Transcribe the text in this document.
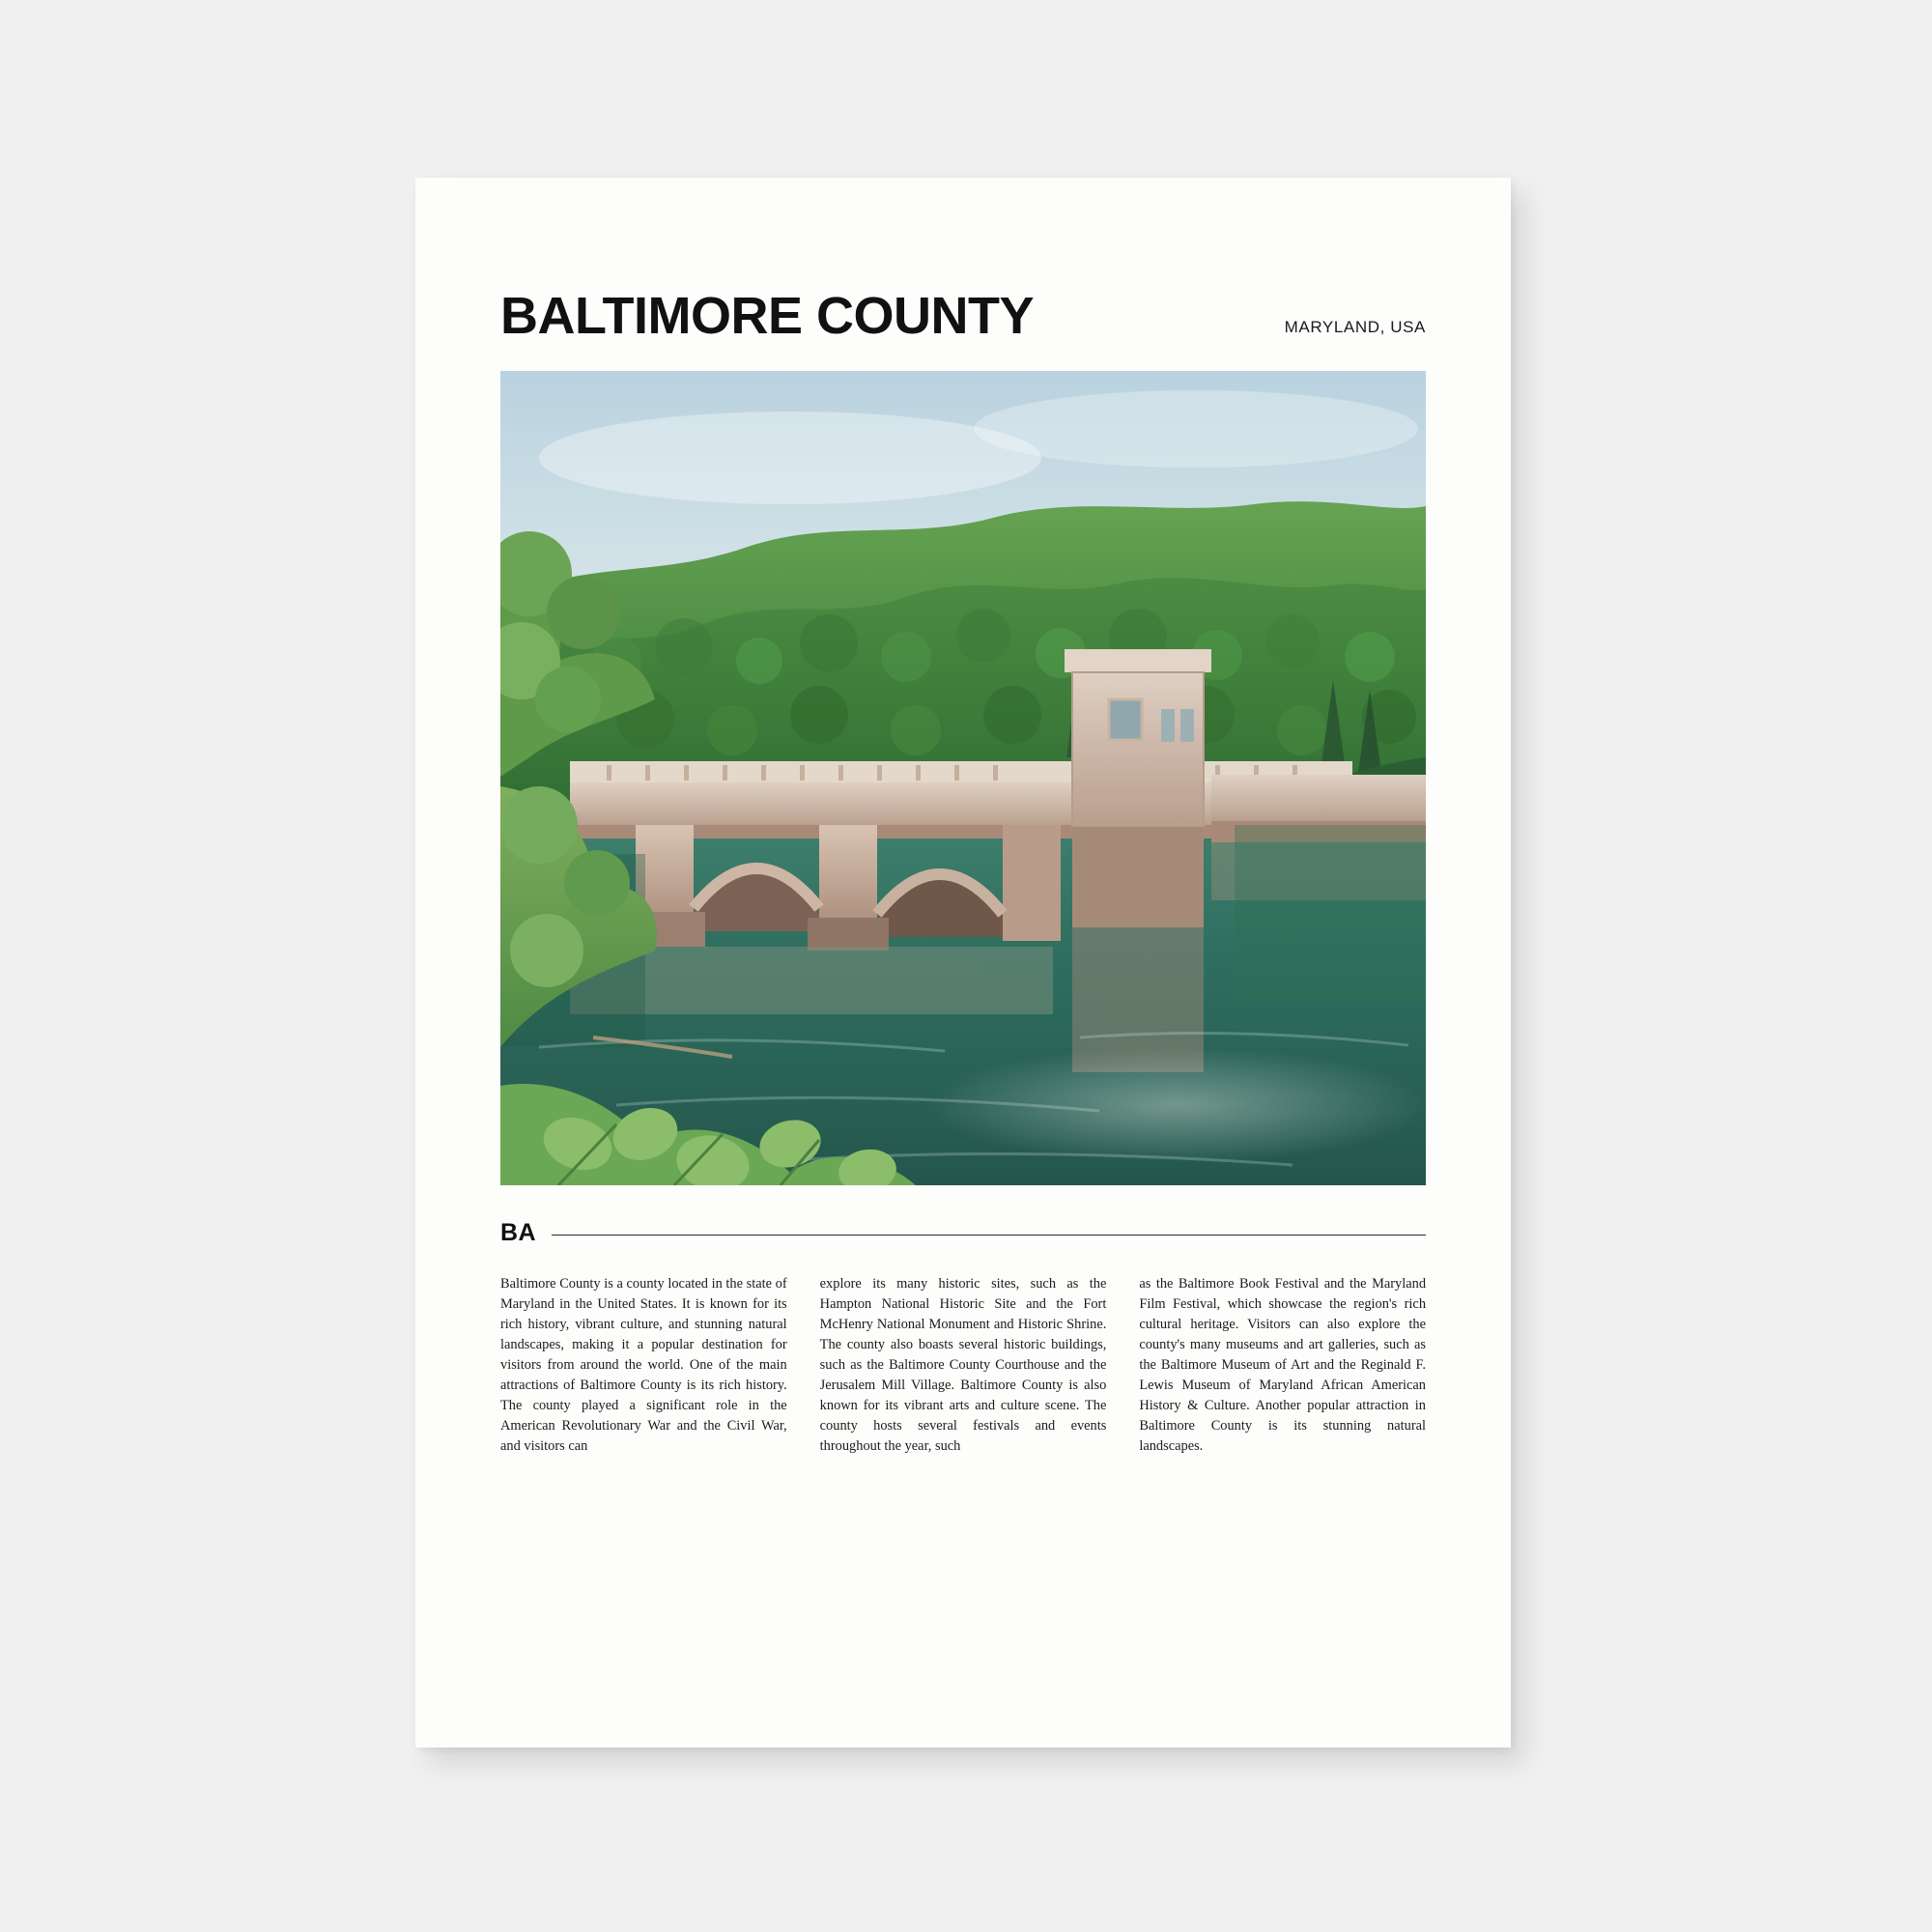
BALTIMORE COUNTY	MARYLAND, USA
BA
Baltimore County is a county located in the state of Maryland in the United States. It is known for its rich history, vibrant culture, and stunning natural landscapes, making it a popular destination for visitors from around the world. One of the main attractions of Baltimore County is its rich history. The county played a significant role in the American Revolutionary War and the Civil War, and visitors can
explore its many historic sites, such as the Hampton National Historic Site and the Fort McHenry National Monument and Historic Shrine. The county also boasts several historic buildings, such as the Baltimore County Courthouse and the Jerusalem Mill Village. Baltimore County is also known for its vibrant arts and culture scene. The county hosts several festivals and events throughout the year, such
as the Baltimore Book Festival and the Maryland Film Festival, which showcase the region's rich cultural heritage. Visitors can also explore the county's many museums and art galleries, such as the Baltimore Museum of Art and the Reginald F. Lewis Museum of Maryland African American History & Culture. Another popular attraction in Baltimore County is its stunning natural landscapes.
